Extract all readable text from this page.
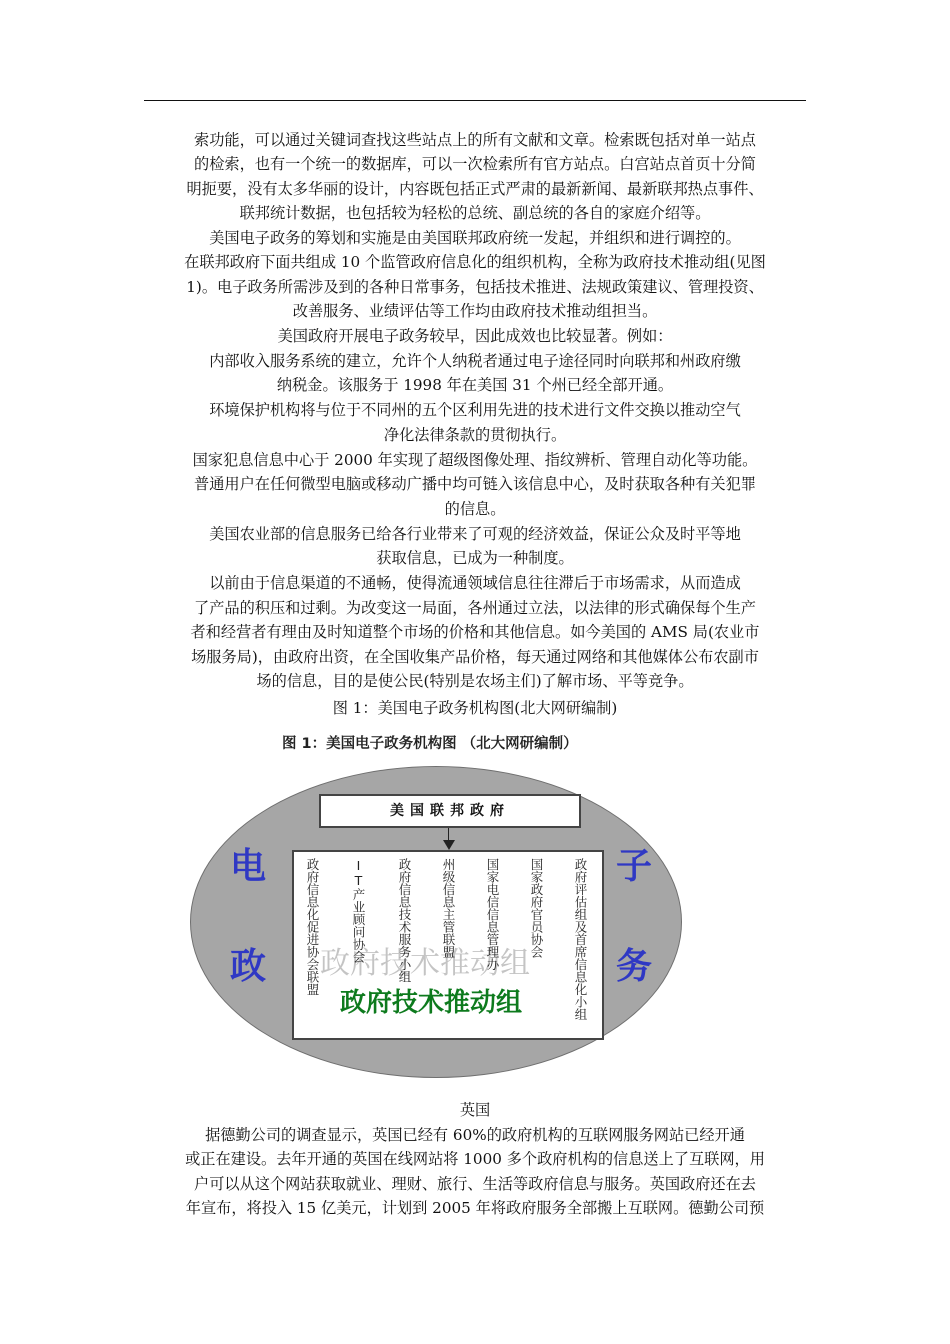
索功能，可以通过关键词查找这些站点上的所有文献和文章。检索既包括对单一站点
的检索，也有一个统一的数据库，可以一次检索所有官方站点。白宫站点首页十分简
明扼要，没有太多华丽的设计，内容既包括正式严肃的最新新闻、最新联邦热点事件、
联邦统计数据，也包括较为轻松的总统、副总统的各自的家庭介绍等。
美国电子政务的筹划和实施是由美国联邦政府统一发起，并组织和进行调控的。
在联邦政府下面共组成 10 个监管政府信息化的组织机构，全称为政府技术推动组(见图
1)。电子政务所需涉及到的各种日常事务，包括技术推进、法规政策建议、管理投资、
改善服务、业绩评估等工作均由政府技术推动组担当。
美国政府开展电子政务较早，因此成效也比较显著。例如：
内部收入服务系统的建立，允许个人纳税者通过电子途径同时向联邦和州政府缴
纳税金。该服务于 1998 年在美国 31 个州已经全部开通。
环境保护机构将与位于不同州的五个区利用先进的技术进行文件交换以推动空气
净化法律条款的贯彻执行。
国家犯息信息中心于 2000 年实现了超级图像处理、指纹辨析、管理自动化等功能。
普通用户在任何微型电脑或移动广播中均可链入该信息中心，及时获取各种有关犯罪
的信息。
美国农业部的信息服务已给各行业带来了可观的经济效益，保证公众及时平等地
获取信息，已成为一种制度。
以前由于信息渠道的不通畅，使得流通领域信息往往滞后于市场需求，从而造成
了产品的积压和过剩。为改变这一局面，各州通过立法，以法律的形式确保每个生产
者和经营者有理由及时知道整个市场的价格和其他信息。如今美国的 AMS 局(农业市
场服务局)，由政府出资，在全国收集产品价格，每天通过网络和其他媒体公布农副市
场的信息，目的是使公民(特别是农场主们)了解市场、平等竞争。
图 1：美国电子政务机构图(北大网研编制)
图 1：美国电子政务机构图 （北大网研编制）
电
政
子
务
美国联邦政府
政府技术推动组
政府信息化促进协会联盟 IT产业顾问协会 政府信息技术服务小组 州级信息主管联盟 国家电信信息管理办 国家政府官员协会 政府评估组及首席信息化小组
政府技术推动组
英国
据德勤公司的调查显示，英国已经有 60%的政府机构的互联网服务网站已经开通
或正在建设。去年开通的英国在线网站将 1000 多个政府机构的信息送上了互联网，用
户可以从这个网站获取就业、理财、旅行、生活等政府信息与服务。英国政府还在去
年宣布，将投入 15 亿美元，计划到 2005 年将政府服务全部搬上互联网。德勤公司预
